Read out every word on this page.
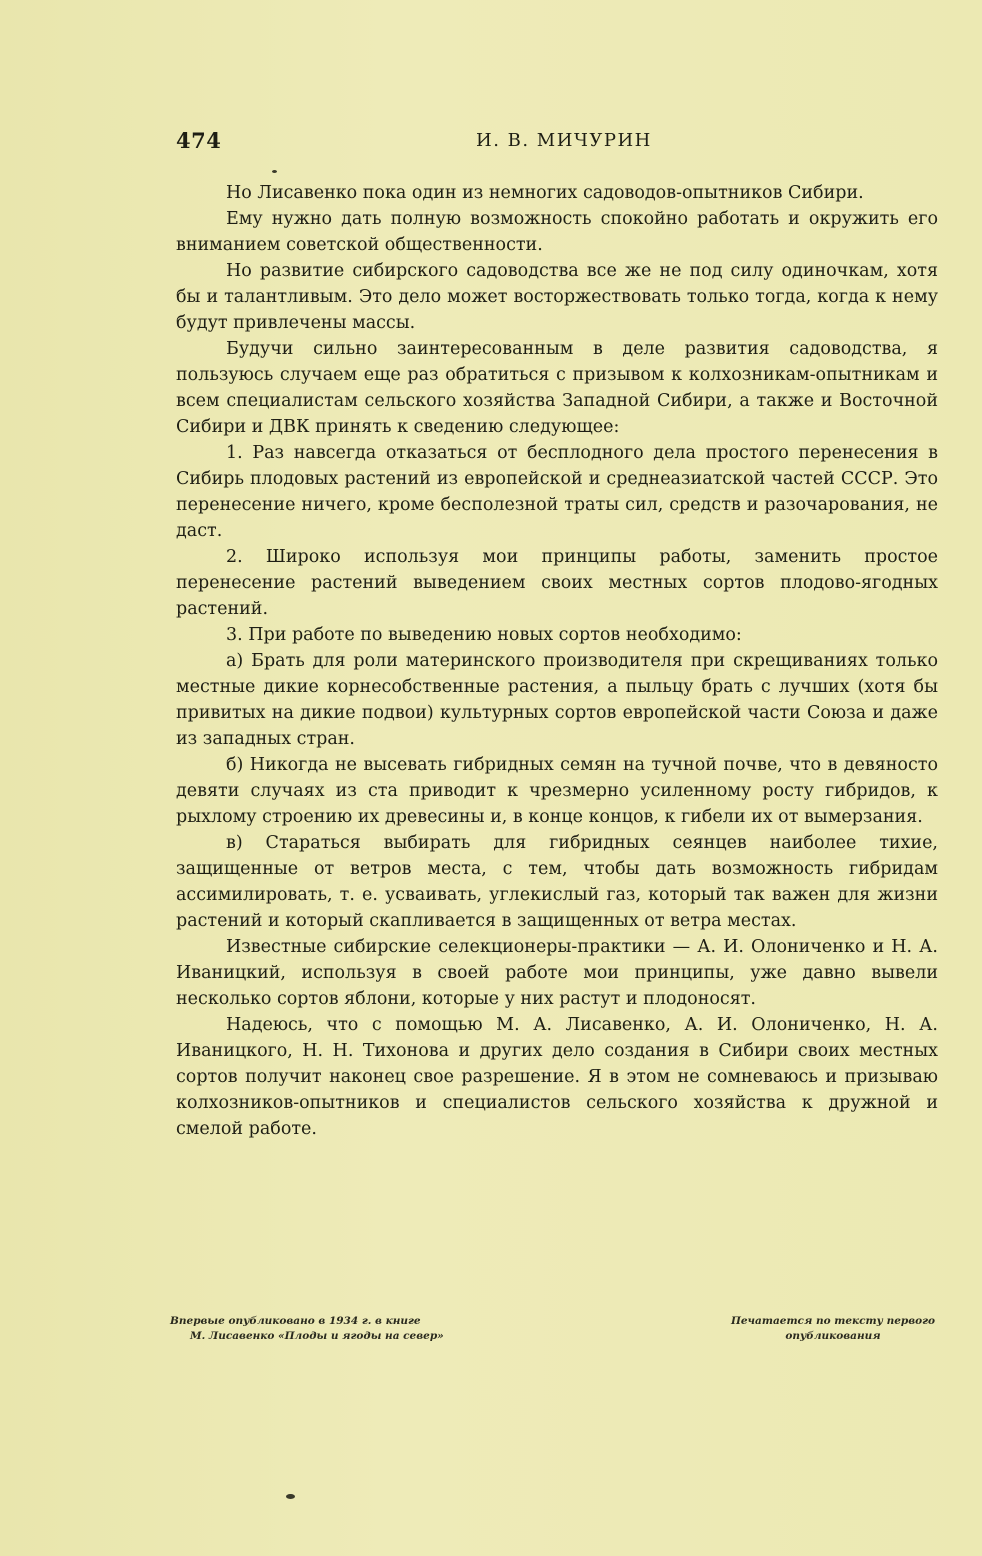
474	И. В. МИЧУРИН

Но Лисавенко пока один из немногих садоводов-опытников Сибири.

Ему нужно дать полную возможность спокойно работать и окружить его вниманием советской общественности.

Но развитие сибирского садоводства все же не под силу одиночкам, хотя бы и талантливым. Это дело может восторжествовать только тогда, когда к нему будут привлечены массы.

Будучи сильно заинтересованным в деле развития садоводства, я пользуюсь случаем еще раз обратиться с призывом к колхозникам-опытникам и всем специалистам сельского хозяйства Западной Сибири, а также и Восточной Сибири и ДВК принять к сведению следующее:

1. Раз навсегда отказаться от бесплодного дела простого перенесения в Сибирь плодовых растений из европейской и среднеазиатской частей СССР. Это перенесение ничего, кроме бесполезной траты сил, средств и разочарования, не даст.

2. Широко используя мои принципы работы, заменить простое перенесение растений выведением своих местных сортов плодово-ягодных растений.

3. При работе по выведению новых сортов необходимо:

а) Брать для роли материнского производителя при скрещиваниях только местные дикие корнесобственные растения, а пыльцу брать с лучших (хотя бы привитых на дикие подвои) культурных сортов европейской части Союза и даже из западных стран.

б) Никогда не высевать гибридных семян на тучной почве, что в девяносто девяти случаях из ста приводит к чрезмерно усиленному росту гибридов, к рыхлому строению их древесины и, в конце концов, к гибели их от вымерзания.

в) Стараться выбирать для гибридных сеянцев наиболее тихие, защищенные от ветров места, с тем, чтобы дать возможность гибридам ассимилировать, т. е. усваивать, углекислый газ, который так важен для жизни растений и который скапливается в защищенных от ветра местах.

Известные сибирские селекционеры-практики — А. И. Олониченко и Н. А. Иваницкий, используя в своей работе мои принципы, уже давно вывели несколько сортов яблони, которые у них растут и плодоносят.

Надеюсь, что с помощью М. А. Лисавенко, А. И. Олониченко, Н. А. Иваницкого, Н. Н. Тихонова и других дело создания в Сибири своих местных сортов получит наконец свое разрешение. Я в этом не сомневаюсь и призываю колхозников-опытников и специалистов сельского хозяйства к дружной и смелой работе.

Впервые опубликовано в 1934 г. в книге
М. Лисавенко «Плоды и ягоды на север»
Печатается по тексту первого
опубликования
